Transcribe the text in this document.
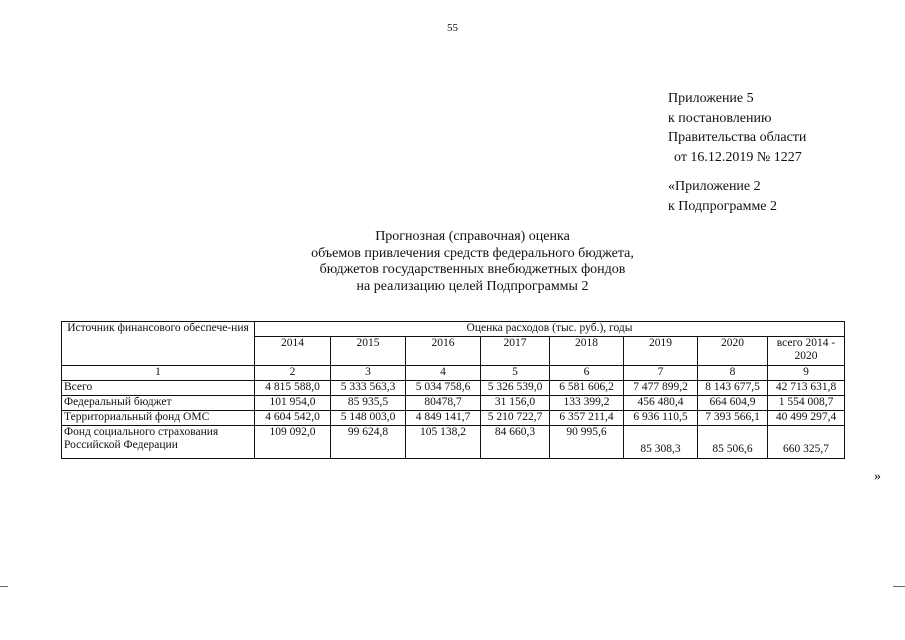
55
Приложение 5
к постановлению
Правительства области
от 16.12.2019 № 1227
«Приложение 2
к Подпрограмме 2
Прогнозная (справочная) оценка
объемов привлечения средств федерального бюджета,
бюджетов государственных внебюджетных фондов
на реализацию целей Подпрограммы 2
Источник финансового обеспече-ния	Оценка расходов (тыс. руб.), годы							
	2014	2015	2016	2017	2018	2019	2020	всего 2014 - 2020
1	2	3	4	5	6	7	8	9
Всего	4 815 588,0	5 333 563,3	5 034 758,6	5 326 539,0	6 581 606,2	7 477 899,2	8 143 677,5	42 713 631,8
Федеральный бюджет	101 954,0	85 935,5	80478,7	31 156,0	133 399,2	456 480,4	664 604,9	1 554 008,7
Территориальный фонд ОМС	4 604 542,0	5 148 003,0	4 849 141,7	5 210 722,7	6 357 211,4	6 936 110,5	7 393 566,1	40 499 297,4
Фонд социального страхования Российской Федерации	109 092,0	99 624,8	105 138,2	84 660,3	90 995,6	85 308,3	85 506,6	660 325,7
»
